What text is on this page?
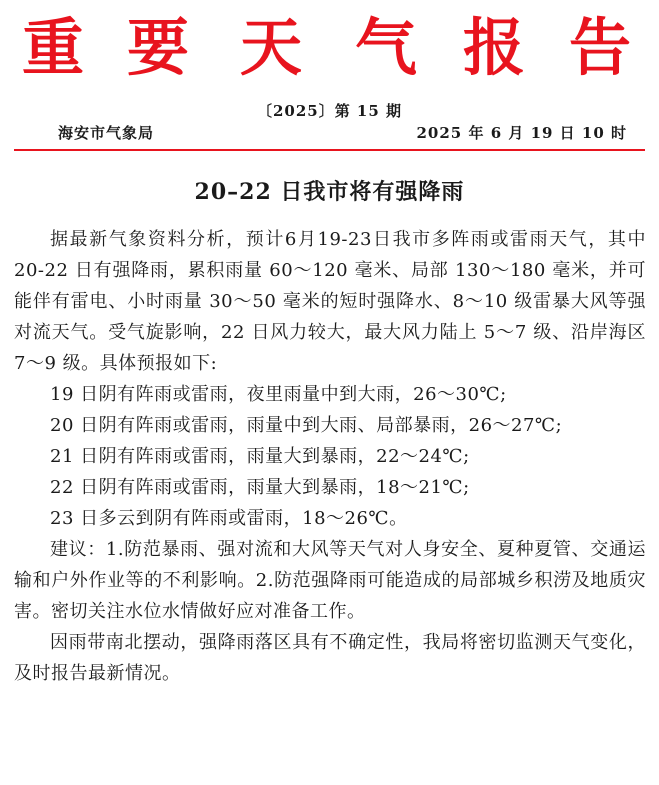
重 要 天 气 报 告
〔2025〕第 15 期
海安市气象局	2025 年 6 月 19 日 10 时
20–22 日我市将有强降雨

据最新气象资料分析，预计6月19-23日我市多阵雨或雷雨天气，其中 20-22 日有强降雨，累积雨量 60～120 毫米、局部 130～180 毫米，并可能伴有雷电、小时雨量 30～50 毫米的短时强降水、8～10 级雷暴大风等强对流天气。受气旋影响，22 日风力较大，最大风力陆上 5～7 级、沿岸海区 7～9 级。具体预报如下:

19 日阴有阵雨或雷雨，夜里雨量中到大雨，26～30℃;
20 日阴有阵雨或雷雨，雨量中到大雨、局部暴雨，26～27℃;
21 日阴有阵雨或雷雨，雨量大到暴雨，22～24℃;
22 日阴有阵雨或雷雨，雨量大到暴雨，18～21℃;
23 日多云到阴有阵雨或雷雨，18～26℃。

建议：1.防范暴雨、强对流和大风等天气对人身安全、夏种夏管、交通运输和户外作业等的不利影响。2.防范强降雨可能造成的局部城乡积涝及地质灾害。密切关注水位水情做好应对准备工作。

因雨带南北摆动，强降雨落区具有不确定性，我局将密切监测天气变化，及时报告最新情况。
